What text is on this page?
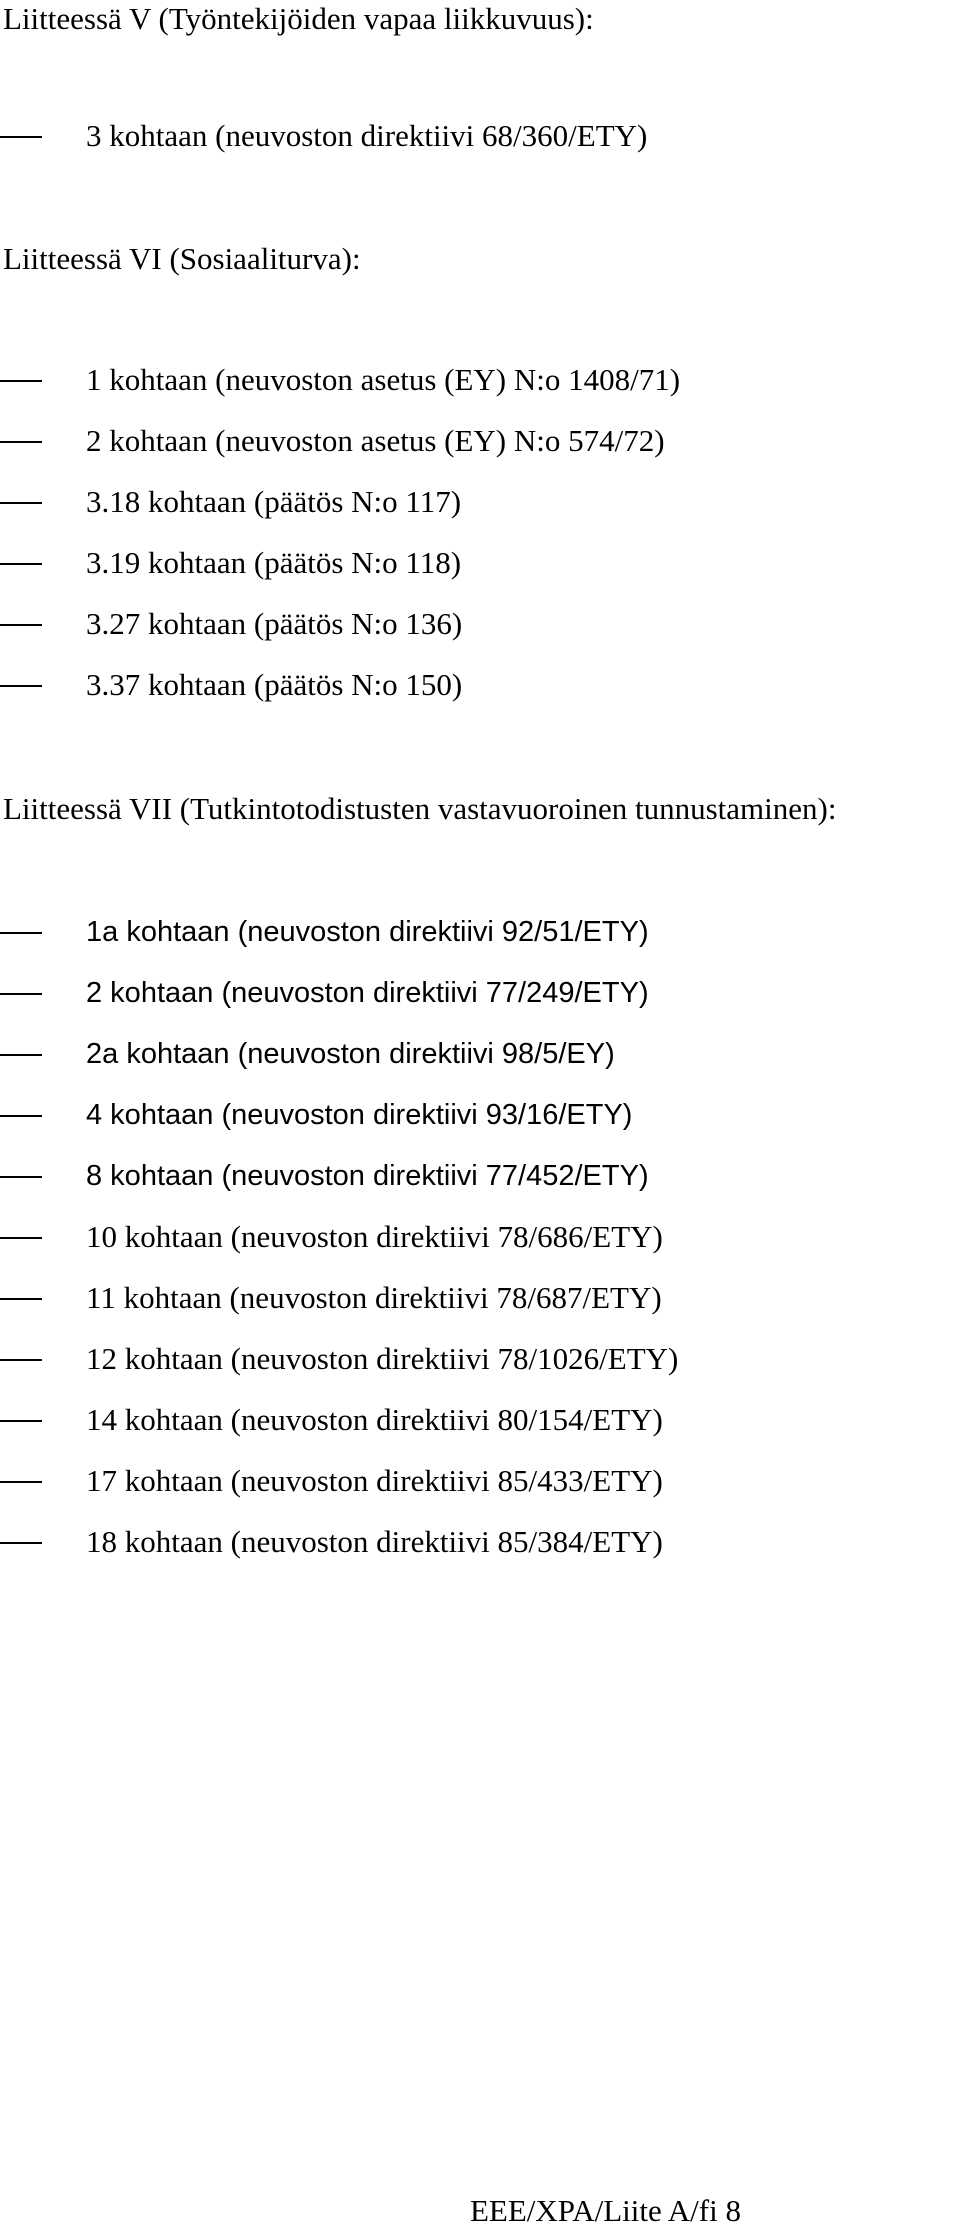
Liitteessä V (Työntekijöiden vapaa liikkuvuus):
3 kohtaan (neuvoston direktiivi 68/360/ETY)
Liitteessä VI (Sosiaaliturva):
1 kohtaan (neuvoston asetus (EY) N:o 1408/71)
2 kohtaan (neuvoston asetus (EY) N:o 574/72)
3.18 kohtaan (päätös N:o 117)
3.19 kohtaan (päätös N:o 118)
3.27 kohtaan (päätös N:o 136)
3.37 kohtaan (päätös N:o 150)
Liitteessä VII (Tutkintotodistusten vastavuoroinen tunnustaminen):
1a kohtaan (neuvoston direktiivi 92/51/ETY)
2 kohtaan (neuvoston direktiivi 77/249/ETY)
2a kohtaan (neuvoston direktiivi 98/5/EY)
4 kohtaan (neuvoston direktiivi 93/16/ETY)
8 kohtaan (neuvoston direktiivi 77/452/ETY)
10 kohtaan (neuvoston direktiivi 78/686/ETY)
11 kohtaan (neuvoston direktiivi 78/687/ETY)
12 kohtaan (neuvoston direktiivi 78/1026/ETY)
14 kohtaan (neuvoston direktiivi 80/154/ETY)
17 kohtaan (neuvoston direktiivi 85/433/ETY)
18 kohtaan (neuvoston direktiivi 85/384/ETY)
EEE/XPA/Liite A/fi 8
